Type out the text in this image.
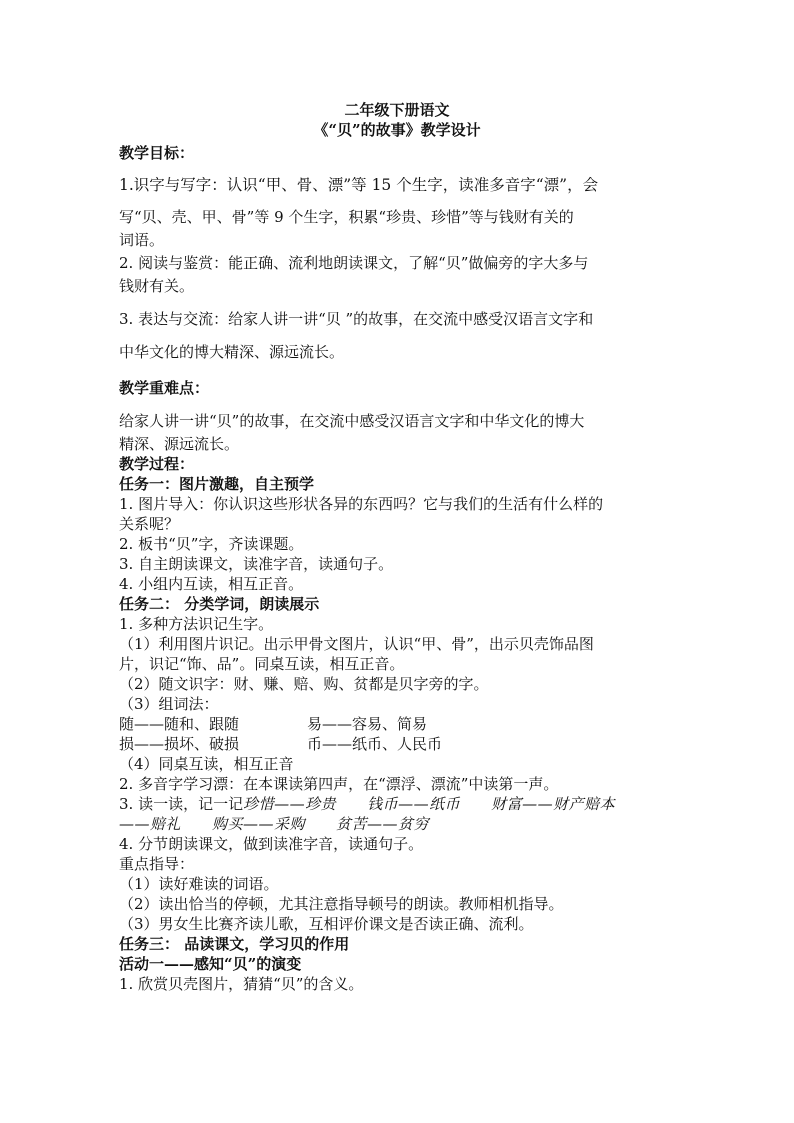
二年级下册语文
《“贝”的故事》教学设计
教学目标：
1.识字与写字：认识“甲、骨、漂”等 15 个生字，读准多音字“漂”，会
写“贝、壳、甲、骨”等 9 个生字，积累“珍贵、珍惜”等与钱财有关的
词语。
2. 阅读与鉴赏：能正确、流利地朗读课文，了解“贝”做偏旁的字大多与
钱财有关。
3. 表达与交流：给家人讲一讲“贝 ”的故事，在交流中感受汉语言文字和
中华文化的博大精深、源远流长。
教学重难点：
给家人讲一讲“贝”的故事，在交流中感受汉语言文字和中华文化的博大
精深、源远流长。
教学过程：
任务一：图片激趣，自主预学
1. 图片导入：你认识这些形状各异的东西吗？它与我们的生活有什么样的
关系呢？
2. 板书“贝”字，齐读课题。
3. 自主朗读课文，读准字音，读通句子。
4. 小组内互读，相互正音。
任务二： 分类学词，朗读展示
1. 多种方法识记生字。
（1）利用图片识记。出示甲骨文图片，认识“甲、骨”，出示贝壳饰品图
片，识记“饰、品”。同桌互读，相互正音。
（2）随文识字：财、赚、赔、购、贫都是贝字旁的字。
（3）组词法：
随——随和、跟随	易——容易、简易
损——损坏、破损	币——纸币、人民币
（4）同桌互读，相互正音
2. 多音字学习漂：在本课读第四声，在“漂浮、漂流”中读第一声。
3. 读一读，记一记珍惜——珍贵　　钱币——纸币　　财富——财产赔本
——赔礼　　购买——采购　　贫苦——贫穷
4. 分节朗读课文，做到读准字音，读通句子。
重点指导：
（1）读好难读的词语。
（2）读出恰当的停顿，尤其注意指导顿号的朗读。教师相机指导。
（3）男女生比赛齐读儿歌，互相评价课文是否读正确、流利。
任务三： 品读课文，学习贝的作用
活动一——感知“贝”的演变
1. 欣赏贝壳图片，猜猜“贝”的含义。
